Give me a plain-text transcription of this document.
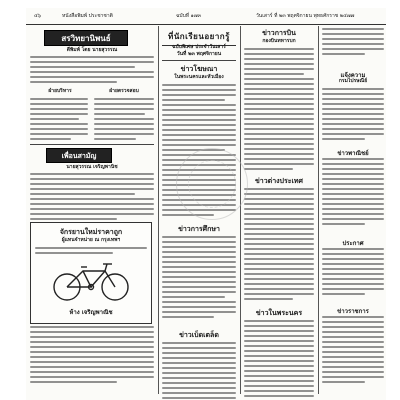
๔๖	หนังสือพิมพ์ ประชาชาติ	ฉบับที่ ๑๗๓	วันเสาร์ ที่ ๒๓ พฤศจิกายน พุทธศักราช ๒๔๗๗
สรวิทยานิพนธ์
ตีพิมพ์ โดย นายสุวรรณ
ฝ่ายบริหาร	ฝ่ายตรวจสอบ
เพื่อนสามัญ
นายสุวรรณ เจริญพานิช
จักรยานใหม่ราคาถูก
ผู้แทนจำหน่าย ณ กรุงเทพฯ
ห้าง เจริญพาณิช
ที่นักเรียนอยากรู้
ฉบับพิเศษ ประจำวันเสาร์
วันที่ ๒๓ พฤศจิกายน
ข่าวโฆษณา
ในพระนครและหัวเมือง
ข่าวการศึกษา
ข่าวเบ็ดเตล็ด
ข่าวการบิน
กองบินทหารบก
ข่าวต่างประเทศ
ข่าวในพระนคร
แจ้งความ
กรมไปรษณีย์
ข่าวพาณิชย์
ประกาศ
ข่าวราชการ
